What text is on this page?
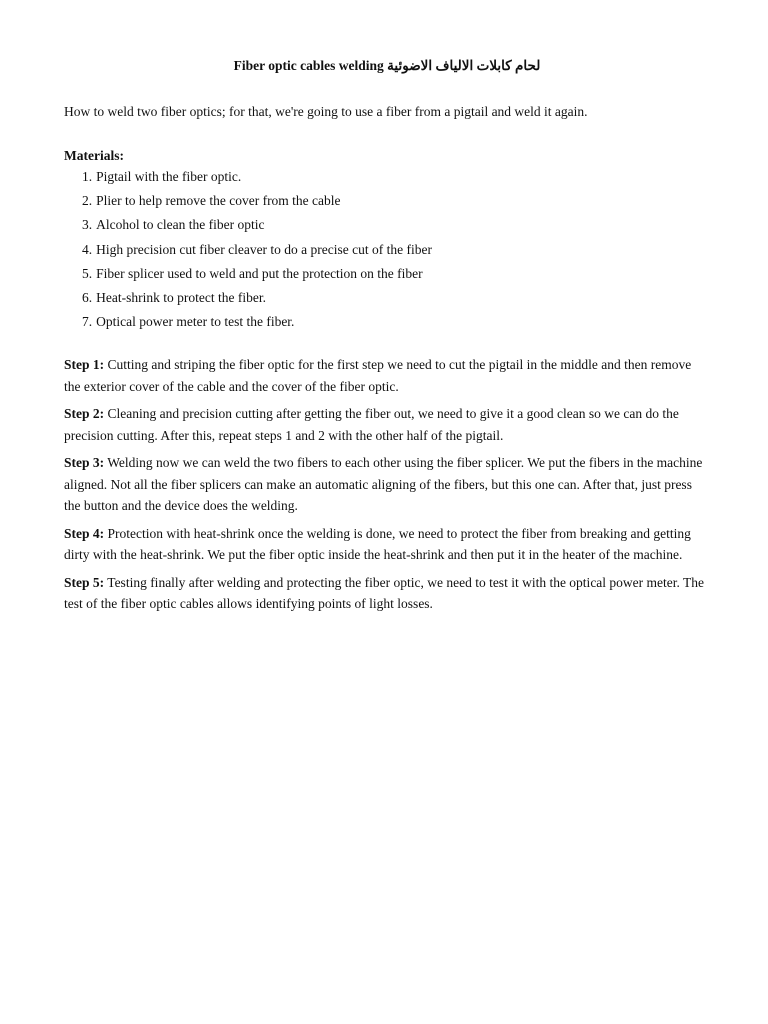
Fiber optic cables welding لحام كابلات الالياف الاضوئية

How to weld two fiber optics; for that, we're going to use a fiber from a pigtail and weld it again.

Materials:

1. Pigtail with the fiber optic.
2. Plier to help remove the cover from the cable
3. Alcohol to clean the fiber optic
4. High precision cut fiber cleaver to do a precise cut of the fiber
5. Fiber splicer used to weld and put the protection on the fiber
6. Heat-shrink to protect the fiber.
7. Optical power meter to test the fiber.

Step 1: Cutting and striping the fiber optic for the first step we need to cut the pigtail in the middle and then remove the exterior cover of the cable and the cover of the fiber optic.

Step 2: Cleaning and precision cutting after getting the fiber out, we need to give it a good clean so we can do the precision cutting. After this, repeat steps 1 and 2 with the other half of the pigtail.

Step 3: Welding now we can weld the two fibers to each other using the fiber splicer. We put the fibers in the machine aligned. Not all the fiber splicers can make an automatic aligning of the fibers, but this one can. After that, just press the button and the device does the welding.

Step 4: Protection with heat-shrink once the welding is done, we need to protect the fiber from breaking and getting dirty with the heat-shrink. We put the fiber optic inside the heat-shrink and then put it in the heater of the machine.

Step 5: Testing finally after welding and protecting the fiber optic, we need to test it with the optical power meter. The test of the fiber optic cables allows identifying points of light losses.
